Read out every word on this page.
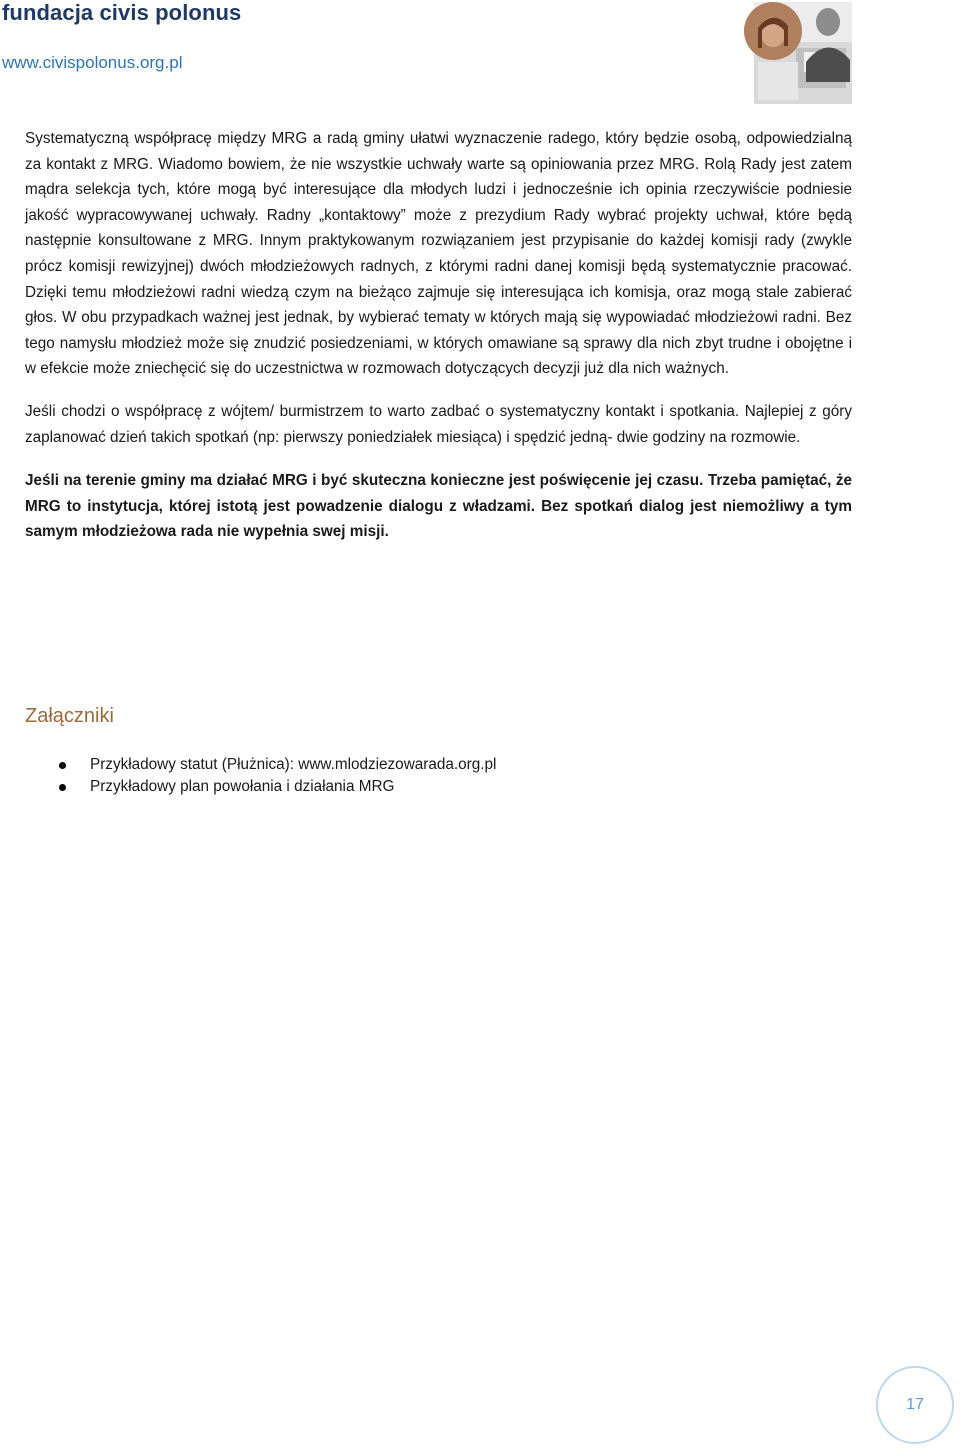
fundacja civis polonus
www.civispolonus.org.pl

Systematyczną współpracę między MRG a radą gminy ułatwi wyznaczenie radego, który będzie osobą, odpowiedzialną za kontakt z MRG. Wiadomo bowiem, że nie wszystkie uchwały warte są opiniowania przez MRG. Rolą Rady jest zatem mądra selekcja tych, które mogą być interesujące dla młodych ludzi i jednocześnie ich opinia rzeczywiście podniesie jakość wypracowywanej uchwały. Radny „kontaktowy” może z prezydium Rady wybrać projekty uchwał, które będą następnie konsultowane z MRG. Innym praktykowanym rozwiązaniem jest przypisanie do każdej komisji rady (zwykle prócz komisji rewizyjnej) dwóch młodzieżowych radnych, z którymi radni danej komisji będą systematycznie pracować. Dzięki temu młodzieżowi radni wiedzą czym na bieżąco zajmuje się interesująca ich komisja, oraz mogą stale zabierać głos. W obu przypadkach ważnej jest jednak, by wybierać tematy w których mają się wypowiadać młodzieżowi radni. Bez tego namysłu młodzież może się znudzić posiedzeniami, w których omawiane są sprawy dla nich zbyt trudne i obojętne i w efekcie może zniechęcić się do uczestnictwa w rozmowach dotyczących decyzji już dla nich ważnych.

Jeśli chodzi o współpracę z wójtem/ burmistrzem to warto zadbać o systematyczny kontakt i spotkania. Najlepiej z góry zaplanować dzień takich spotkań (np: pierwszy poniedziałek miesiąca) i spędzić jedną- dwie godziny na rozmowie.

Jeśli na terenie gminy ma działać MRG i być skuteczna konieczne jest poświęcenie jej czasu. Trzeba pamiętać, że MRG to instytucja, której istotą jest powadzenie dialogu z władzami. Bez spotkań dialog jest niemożliwy a tym samym młodzieżowa rada nie wypełnia swej misji.

Załączniki
Przykładowy statut (Płużnica): www.mlodziezowarada.org.pl
Przykładowy plan powołania i działania MRG
17
